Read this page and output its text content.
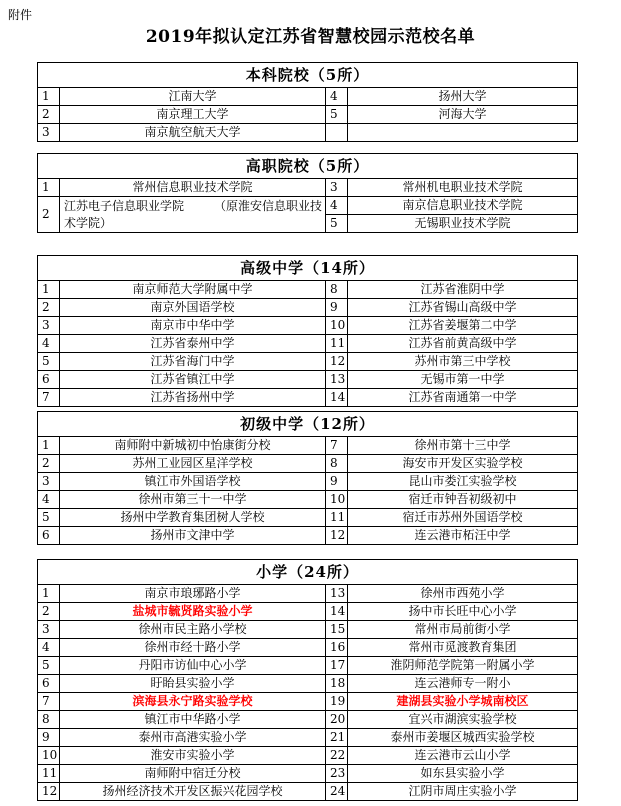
附件
2019年拟认定江苏省智慧校园示范校名单
本科院校（5所）			
1	江南大学	4	扬州大学
2	南京理工大学	5	河海大学
3	南京航空航天大学		
高职院校（5所）			
1	常州信息职业技术学院	3	常州机电职业技术学院
2	江苏电子信息职业学院　　　（原淮安信息职业技术学院）	4	南京信息职业技术学院
		5	无锡职业技术学院
高级中学（14所）			
1	南京师范大学附属中学	8	江苏省淮阴中学
2	南京外国语学校	9	江苏省锡山高级中学
3	南京市中华中学	10	江苏省姜堰第二中学
4	江苏省泰州中学	11	江苏省前黄高级中学
5	江苏省海门中学	12	苏州市第三中学校
6	江苏省镇江中学	13	无锡市第一中学
7	江苏省扬州中学	14	江苏省南通第一中学
初级中学（12所）			
1	南师附中新城初中怡康街分校	7	徐州市第十三中学
2	苏州工业园区星洋学校	8	海安市开发区实验学校
3	镇江市外国语学校	9	昆山市娄江实验学校
4	徐州市第三十一中学	10	宿迁市钟吾初级初中
5	扬州中学教育集团树人学校	11	宿迁市苏州外国语学校
6	扬州市文津中学	12	连云港市柘汪中学
小学（24所）			
1	南京市琅琊路小学	13	徐州市西苑小学
2	盐城市毓贤路实验小学	14	扬中市长旺中心小学
3	徐州市民主路小学校	15	常州市局前街小学
4	徐州市经十路小学	16	常州市觅渡教育集团
5	丹阳市访仙中心小学	17	淮阴师范学院第一附属小学
6	盱眙县实验小学	18	连云港师专一附小
7	滨海县永宁路实验学校	19	建湖县实验小学城南校区
8	镇江市中华路小学	20	宜兴市湖滨实验学校
9	泰州市高港实验小学	21	泰州市姜堰区城西实验学校
10	淮安市实验小学	22	连云港市云山小学
11	南师附中宿迁分校	23	如东县实验小学
12	扬州经济技术开发区振兴花园学校	24	江阴市周庄实验小学
